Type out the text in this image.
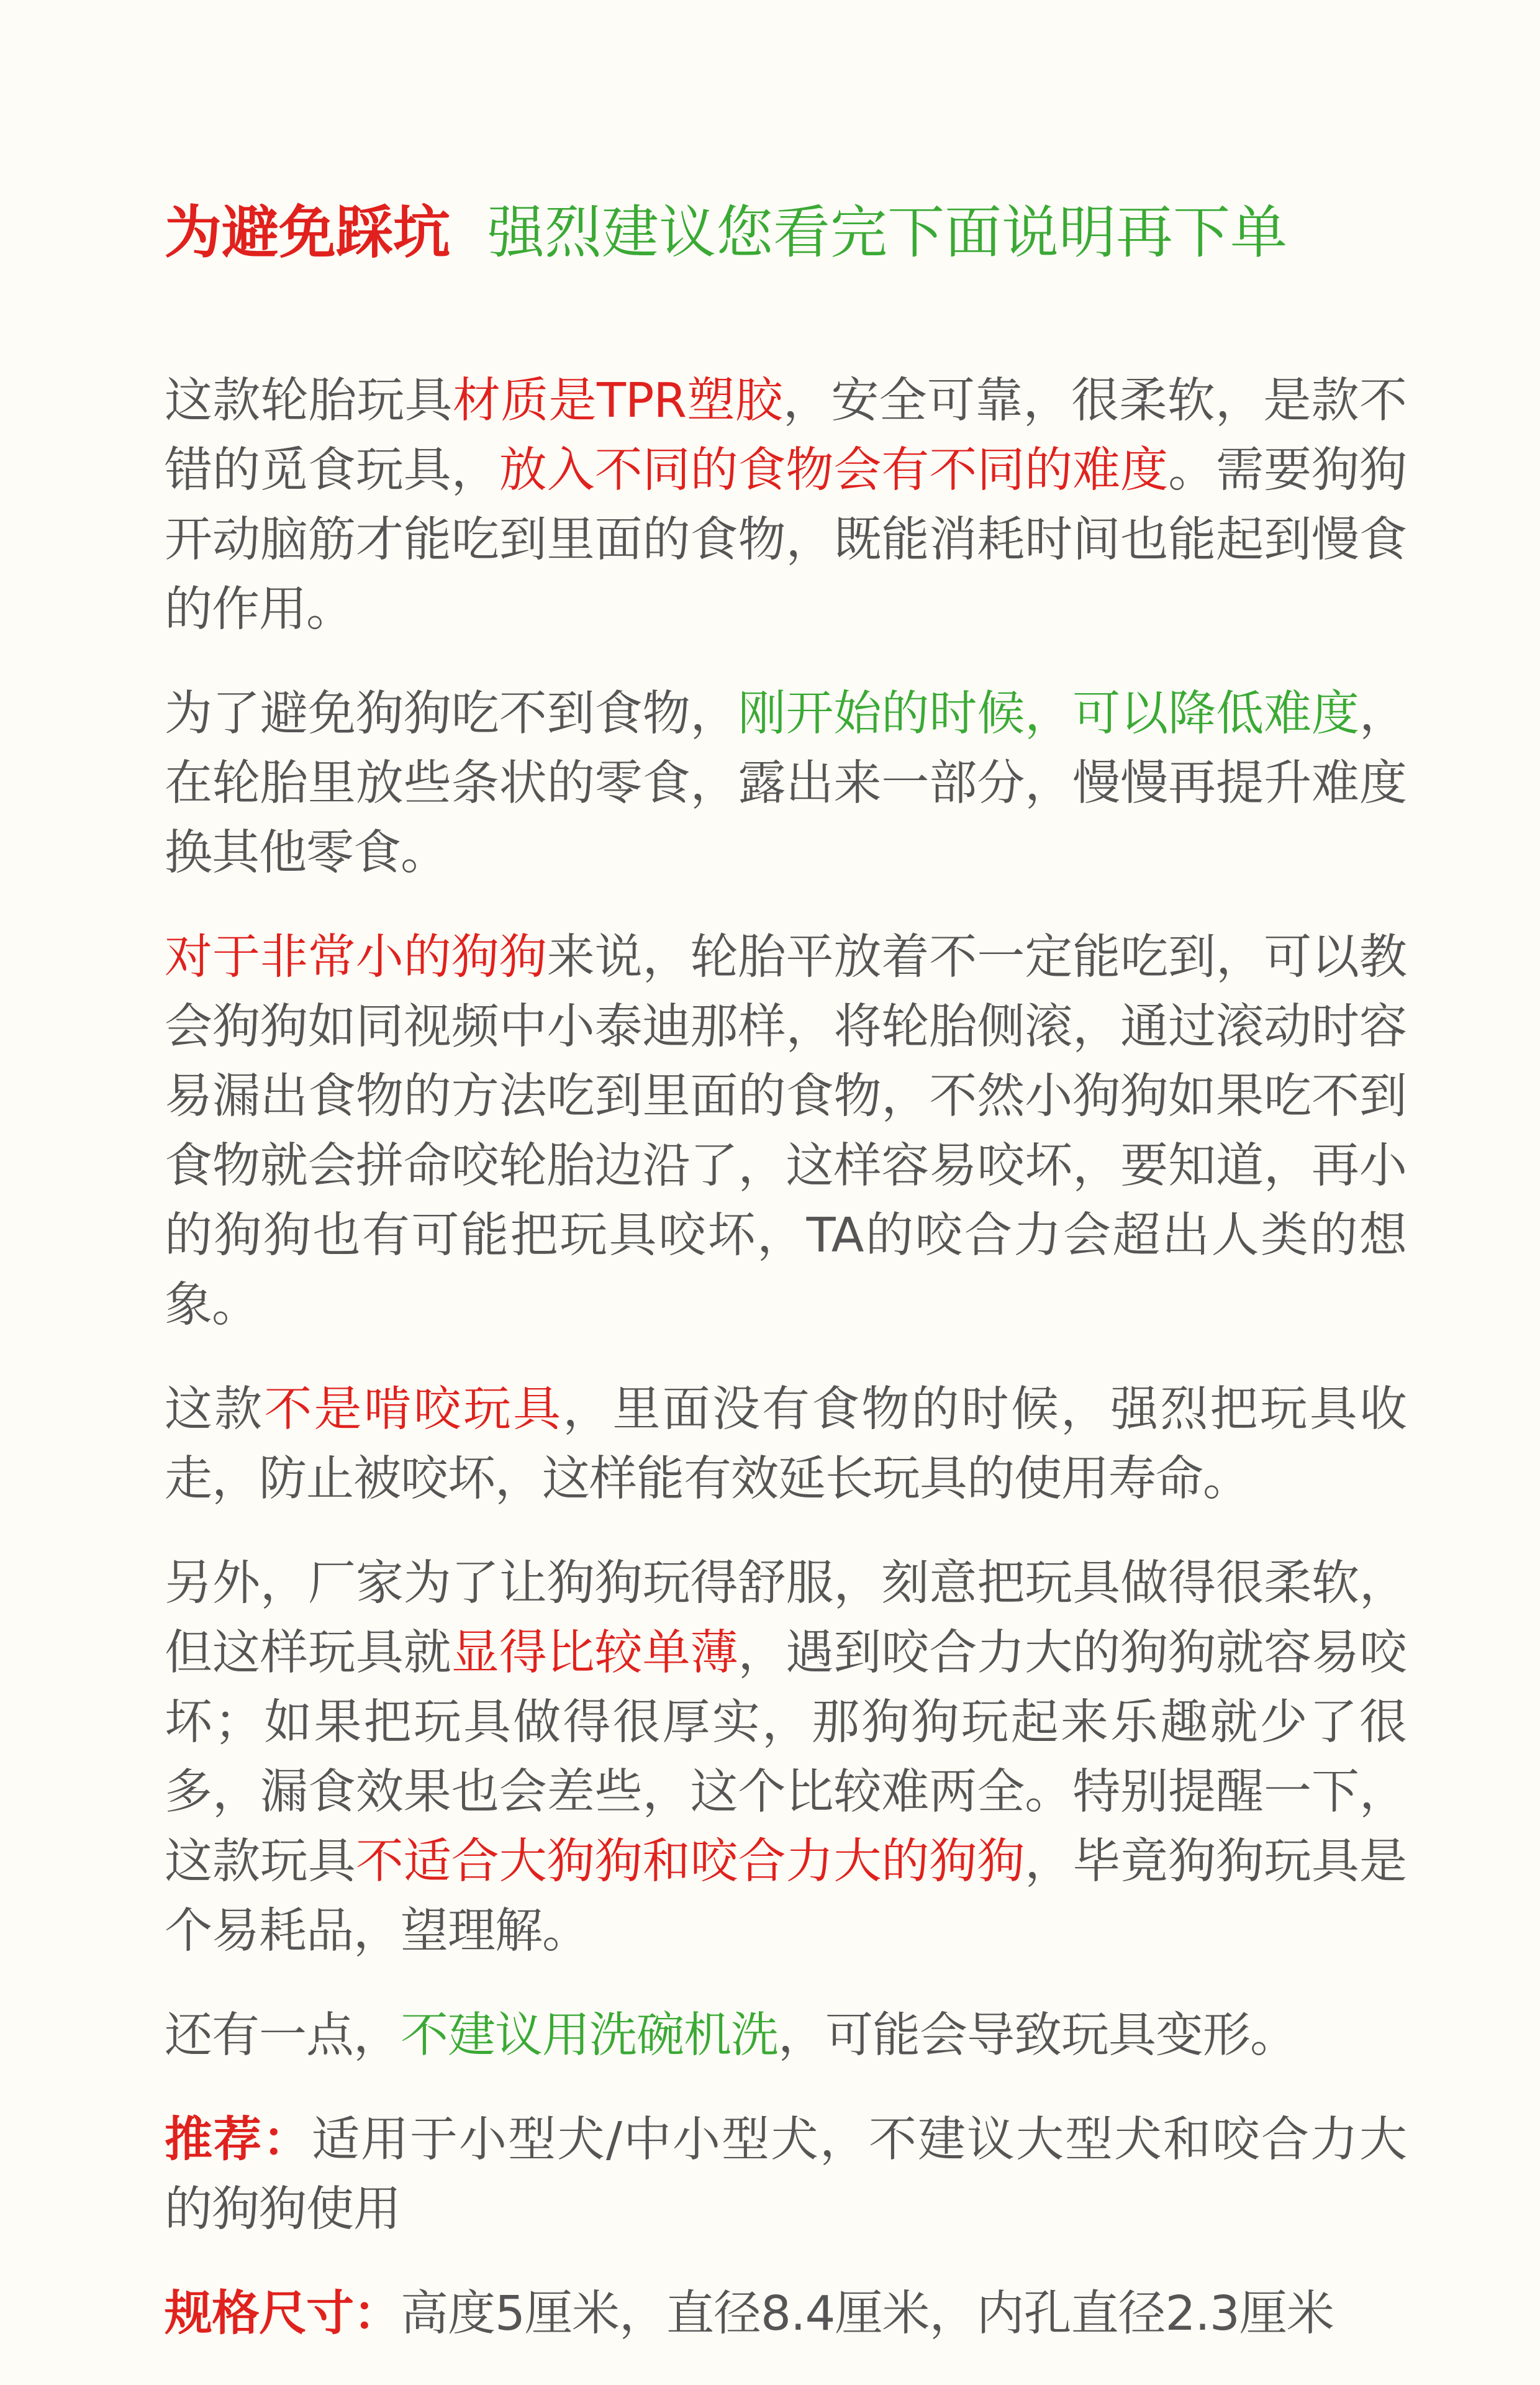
为避免踩坑 强烈建议您看完下面说明再下单

这款轮胎玩具材质是TPR塑胶，安全可靠，很柔软，是款不错的觅食玩具，放入不同的食物会有不同的难度。需要狗狗开动脑筋才能吃到里面的食物，既能消耗时间也能起到慢食的作用。

为了避免狗狗吃不到食物，刚开始的时候，可以降低难度，在轮胎里放些条状的零食，露出来一部分，慢慢再提升难度换其他零食。

对于非常小的狗狗来说，轮胎平放着不一定能吃到，可以教会狗狗如同视频中小泰迪那样，将轮胎侧滚，通过滚动时容易漏出食物的方法吃到里面的食物，不然小狗狗如果吃不到食物就会拼命咬轮胎边沿了，这样容易咬坏，要知道，再小的狗狗也有可能把玩具咬坏，TA的咬合力会超出人类的想象。

这款不是啃咬玩具，里面没有食物的时候，强烈把玩具收走，防止被咬坏，这样能有效延长玩具的使用寿命。

另外，厂家为了让狗狗玩得舒服，刻意把玩具做得很柔软，但这样玩具就显得比较单薄，遇到咬合力大的狗狗就容易咬坏；如果把玩具做得很厚实，那狗狗玩起来乐趣就少了很多，漏食效果也会差些，这个比较难两全。特别提醒一下，这款玩具不适合大狗狗和咬合力大的狗狗，毕竟狗狗玩具是个易耗品，望理解。

还有一点，不建议用洗碗机洗，可能会导致玩具变形。

推荐：适用于小型犬/中小型犬，不建议大型犬和咬合力大的狗狗使用

规格尺寸：高度5厘米，直径8.4厘米，内孔直径2.3厘米
